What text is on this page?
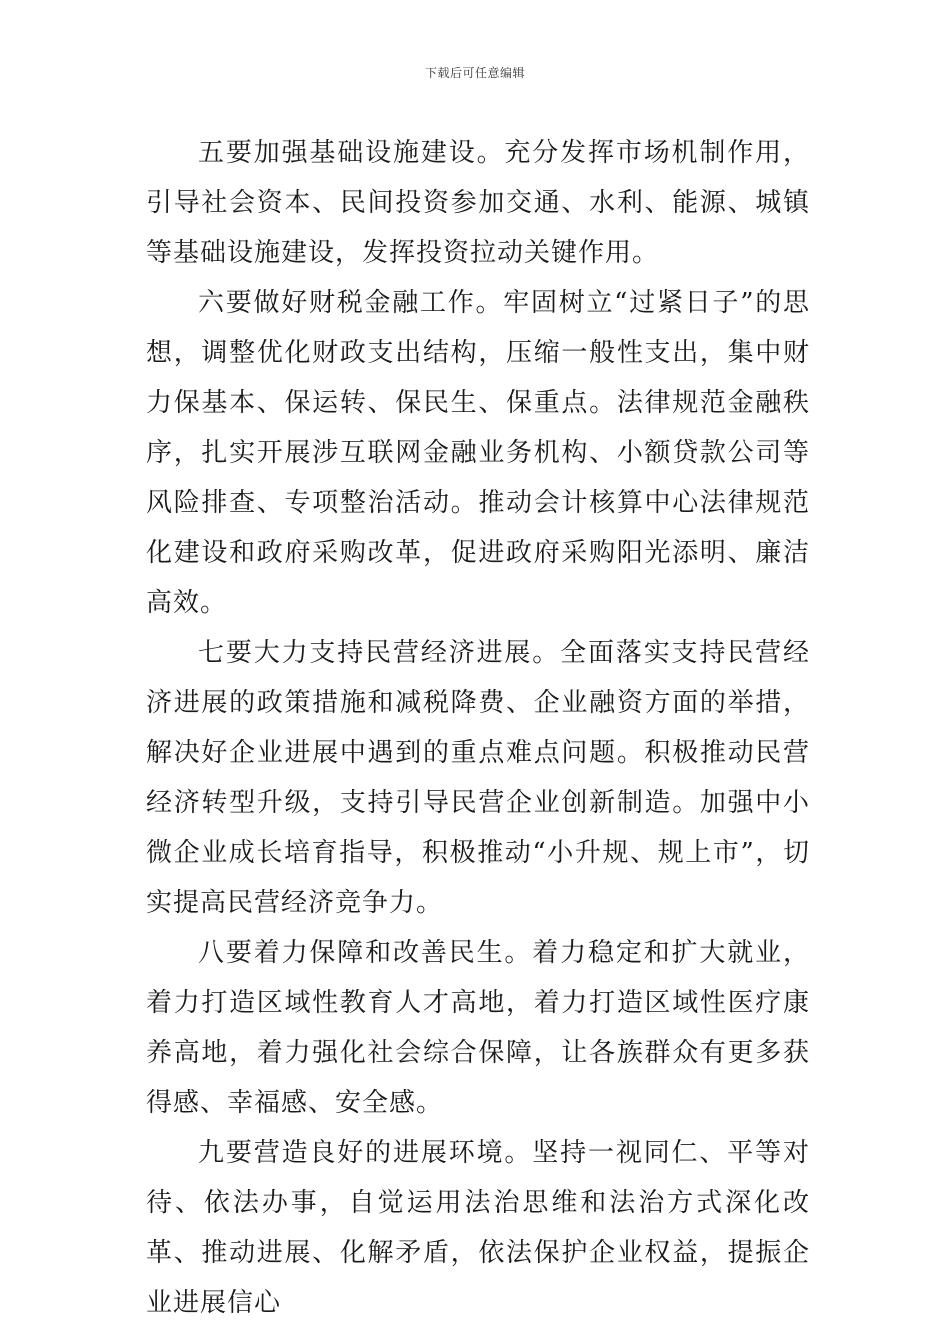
下载后可任意编辑

五要加强基础设施建设。充分发挥市场机制作用，引导社会资本、民间投资参加交通、水利、能源、城镇等基础设施建设，发挥投资拉动关键作用。

六要做好财税金融工作。牢固树立“过紧日子”的思想，调整优化财政支出结构，压缩一般性支出，集中财力保基本、保运转、保民生、保重点。法律规范金融秩序，扎实开展涉互联网金融业务机构、小额贷款公司等风险排查、专项整治活动。推动会计核算中心法律规范化建设和政府采购改革，促进政府采购阳光添明、廉洁高效。

七要大力支持民营经济进展。全面落实支持民营经济进展的政策措施和减税降费、企业融资方面的举措，解决好企业进展中遇到的重点难点问题。积极推动民营经济转型升级，支持引导民营企业创新制造。加强中小微企业成长培育指导，积极推动“小升规、规上市”，切实提高民营经济竞争力。

八要着力保障和改善民生。着力稳定和扩大就业，着力打造区域性教育人才高地，着力打造区域性医疗康养高地，着力强化社会综合保障，让各族群众有更多获得感、幸福感、安全感。

九要营造良好的进展环境。坚持一视同仁、平等对待、依法办事，自觉运用法治思维和法治方式深化改革、推动进展、化解矛盾，依法保护企业权益，提振企业进展信心
